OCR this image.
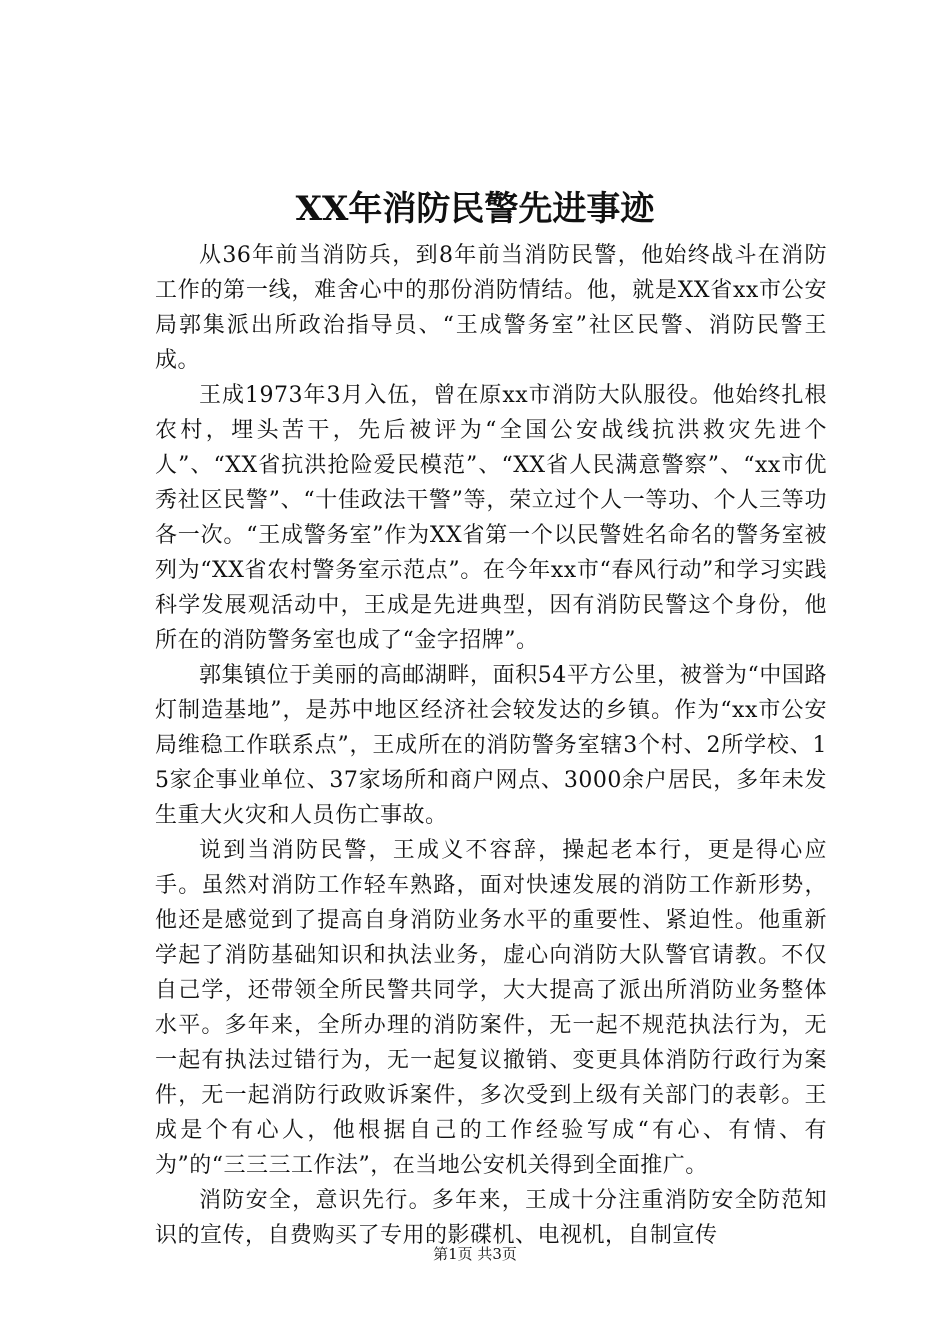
XX年消防民警先进事迹

从36年前当消防兵，到8年前当消防民警，他始终战斗在消防工作的第一线，难舍心中的那份消防情结。他，就是XX省xx市公安局郭集派出所政治指导员、“王成警务室”社区民警、消防民警王成。

王成1973年3月入伍，曾在原xx市消防大队服役。他始终扎根农村，埋头苦干，先后被评为“全国公安战线抗洪救灾先进个人”、“XX省抗洪抢险爱民模范”、“XX省人民满意警察”、“xx市优秀社区民警”、“十佳政法干警”等，荣立过个人一等功、个人三等功各一次。“王成警务室”作为XX省第一个以民警姓名命名的警务室被列为“XX省农村警务室示范点”。在今年xx市“春风行动”和学习实践科学发展观活动中，王成是先进典型，因有消防民警这个身份，他所在的消防警务室也成了“金字招牌”。

郭集镇位于美丽的高邮湖畔，面积54平方公里，被誉为“中国路灯制造基地”，是苏中地区经济社会较发达的乡镇。作为“xx市公安局维稳工作联系点”，王成所在的消防警务室辖3个村、2所学校、15家企事业单位、37家场所和商户网点、3000余户居民，多年未发生重大火灾和人员伤亡事故。

说到当消防民警，王成义不容辞，操起老本行，更是得心应手。虽然对消防工作轻车熟路，面对快速发展的消防工作新形势，他还是感觉到了提高自身消防业务水平的重要性、紧迫性。他重新学起了消防基础知识和执法业务，虚心向消防大队警官请教。不仅自己学，还带领全所民警共同学，大大提高了派出所消防业务整体水平。多年来，全所办理的消防案件，无一起不规范执法行为，无一起有执法过错行为，无一起复议撤销、变更具体消防行政行为案件，无一起消防行政败诉案件，多次受到上级有关部门的表彰。王成是个有心人，他根据自己的工作经验写成“有心、有情、有为”的“三三三工作法”，在当地公安机关得到全面推广。

消防安全，意识先行。多年来，王成十分注重消防安全防范知识的宣传，自费购买了专用的影碟机、电视机，自制宣传

第1页 共3页
